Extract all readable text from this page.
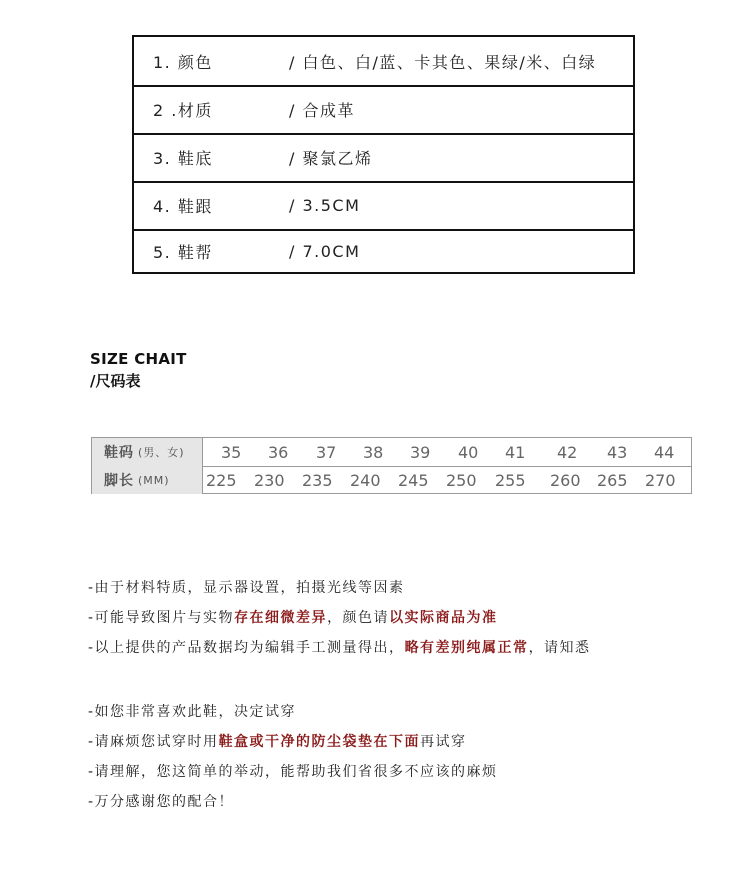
1. 颜色	/ 白色、白/蓝、卡其色、果绿/米、白绿
2 .材质	/ 合成革
3. 鞋底	/ 聚氯乙烯
4. 鞋跟	/ 3.5CM
5. 鞋帮	/ 7.0CM
SIZE CHAIT
/尺码表
鞋码 (男、女) 35 36 37 38 39 40 41 42 43 44
脚长 (MM) 225 230 235 240 245 250 255 260 265 270
-由于材料特质，显示器设置，拍摄光线等因素
-可能导致图片与实物存在细微差异，颜色请以实际商品为准
-以上提供的产品数据均为编辑手工测量得出，略有差别纯属正常，请知悉
-如您非常喜欢此鞋，决定试穿
-请麻烦您试穿时用鞋盒或干净的防尘袋垫在下面再试穿
-请理解，您这简单的举动，能帮助我们省很多不应该的麻烦
-万分感谢您的配合！
